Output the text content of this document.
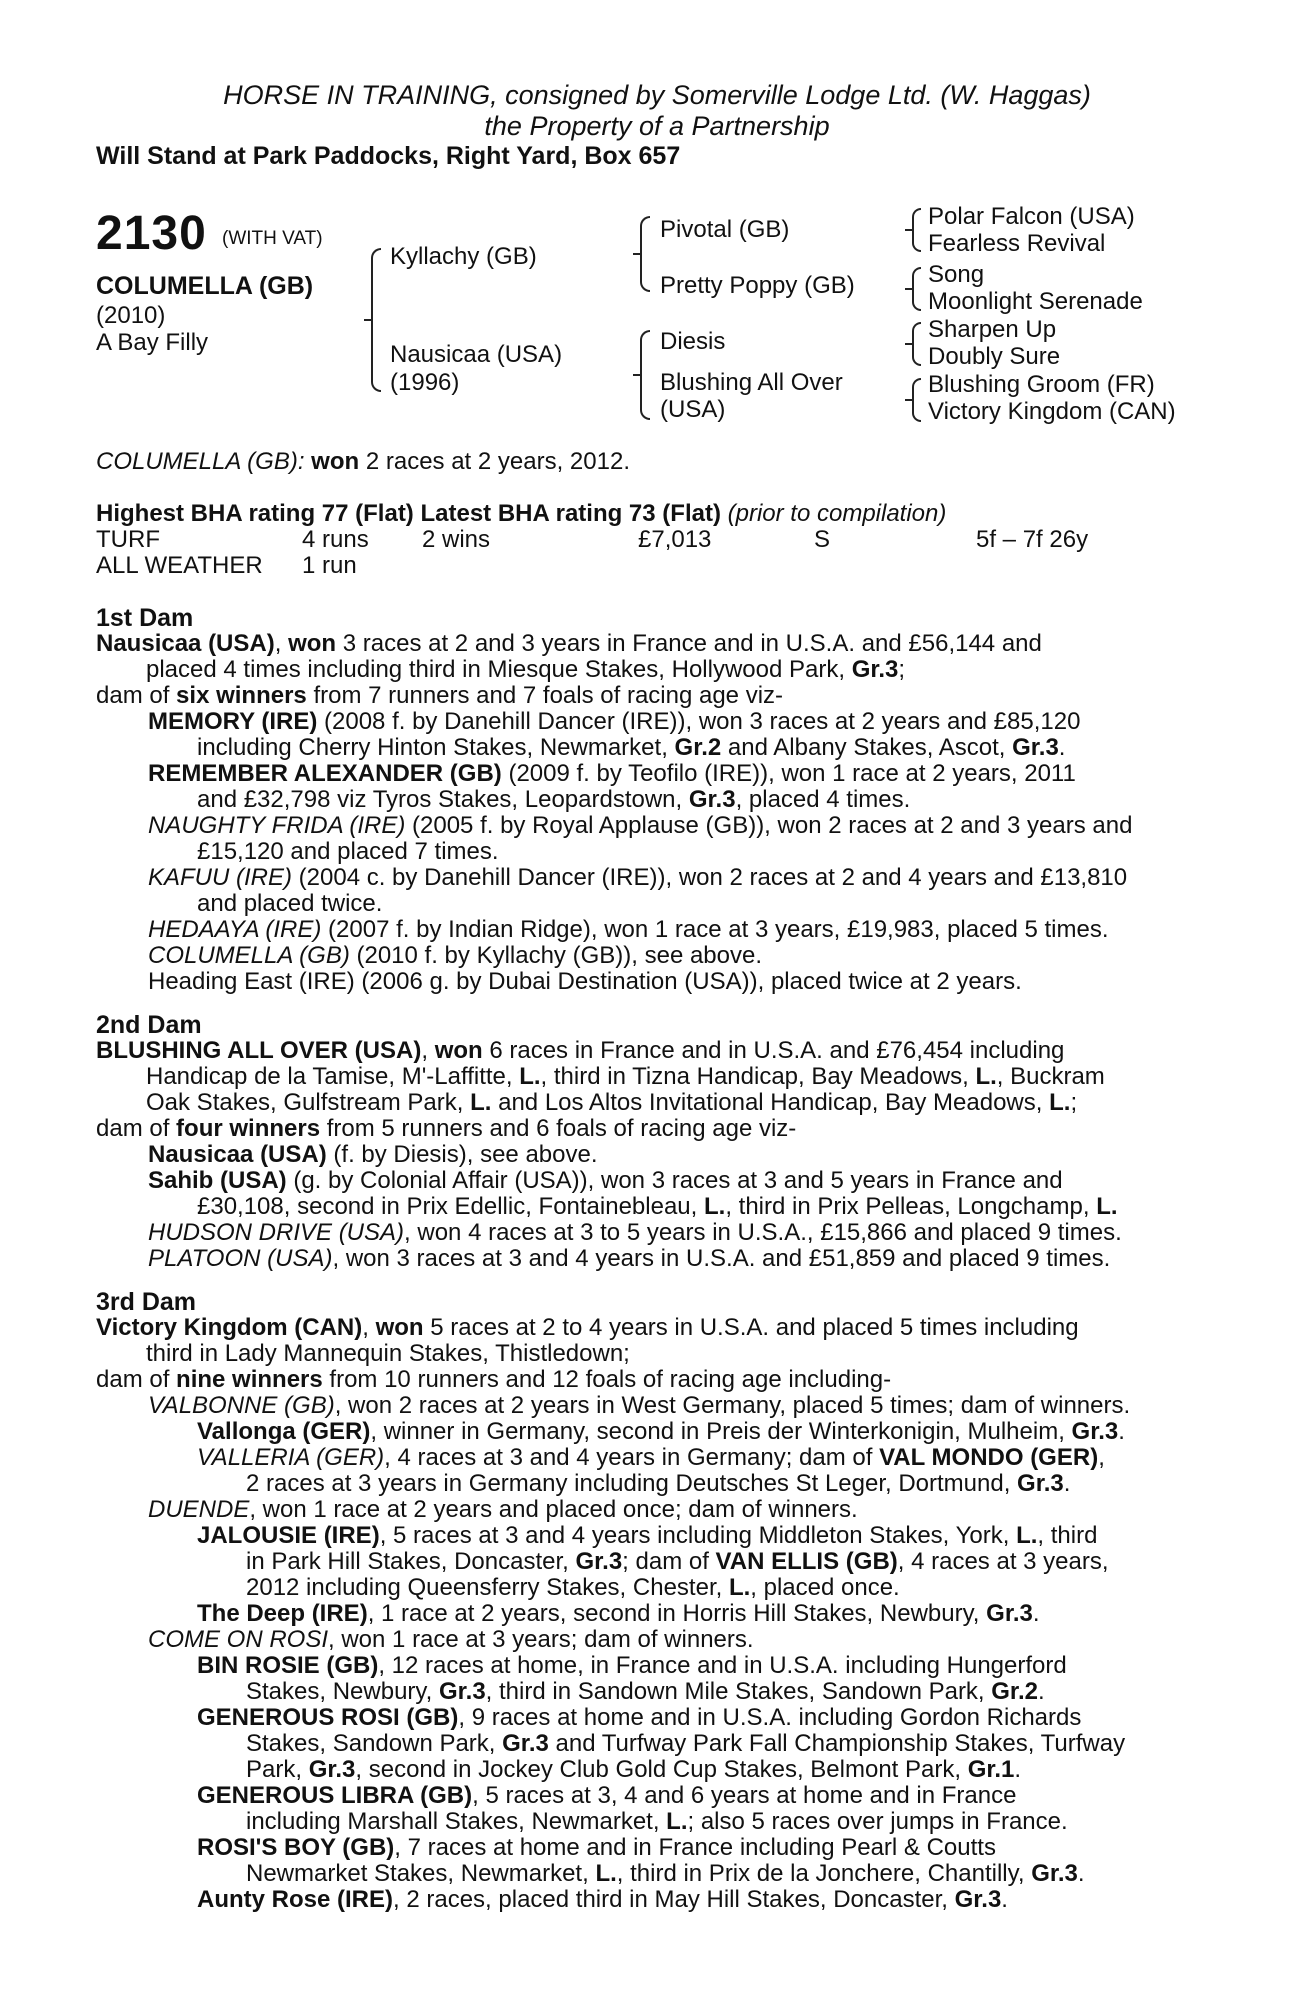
HORSE IN TRAINING, consigned by Somerville Lodge Ltd. (W. Haggas)
the Property of a Partnership
Will Stand at Park Paddocks, Right Yard, Box 657
2130 (WITH VAT)
COLUMELLA (GB)
(2010)
A Bay Filly
Kyllachy (GB)
Nausicaa (USA)
(1996)
Pivotal (GB)
Pretty Poppy (GB)
Diesis
Blushing All Over
(USA)
Polar Falcon (USA)
Fearless Revival
Song
Moonlight Serenade
Sharpen Up
Doubly Sure
Blushing Groom (FR)
Victory Kingdom (CAN)
COLUMELLA (GB): won 2 races at 2 years, 2012.
Highest BHA rating 77 (Flat) Latest BHA rating 73 (Flat) (prior to compilation)
TURF	4 runs 2 wins	£7,013	S	5f – 7f 26y
ALL WEATHER 1 run
1st Dam
Nausicaa (USA), won 3 races at 2 and 3 years in France and in U.S.A. and £56,144 and
placed 4 times including third in Miesque Stakes, Hollywood Park, Gr.3;
dam of six winners from 7 runners and 7 foals of racing age viz-
MEMORY (IRE) (2008 f. by Danehill Dancer (IRE)), won 3 races at 2 years and £85,120
including Cherry Hinton Stakes, Newmarket, Gr.2 and Albany Stakes, Ascot, Gr.3.
REMEMBER ALEXANDER (GB) (2009 f. by Teofilo (IRE)), won 1 race at 2 years, 2011
and £32,798 viz Tyros Stakes, Leopardstown, Gr.3, placed 4 times.
NAUGHTY FRIDA (IRE) (2005 f. by Royal Applause (GB)), won 2 races at 2 and 3 years and
£15,120 and placed 7 times.
KAFUU (IRE) (2004 c. by Danehill Dancer (IRE)), won 2 races at 2 and 4 years and £13,810
and placed twice.
HEDAAYA (IRE) (2007 f. by Indian Ridge), won 1 race at 3 years, £19,983, placed 5 times.
COLUMELLA (GB) (2010 f. by Kyllachy (GB)), see above.
Heading East (IRE) (2006 g. by Dubai Destination (USA)), placed twice at 2 years.
2nd Dam
BLUSHING ALL OVER (USA), won 6 races in France and in U.S.A. and £76,454 including
Handicap de la Tamise, M'-Laffitte, L., third in Tizna Handicap, Bay Meadows, L., Buckram
Oak Stakes, Gulfstream Park, L. and Los Altos Invitational Handicap, Bay Meadows, L.;
dam of four winners from 5 runners and 6 foals of racing age viz-
Nausicaa (USA) (f. by Diesis), see above.
Sahib (USA) (g. by Colonial Affair (USA)), won 3 races at 3 and 5 years in France and
£30,108, second in Prix Edellic, Fontainebleau, L., third in Prix Pelleas, Longchamp, L.
HUDSON DRIVE (USA), won 4 races at 3 to 5 years in U.S.A., £15,866 and placed 9 times.
PLATOON (USA), won 3 races at 3 and 4 years in U.S.A. and £51,859 and placed 9 times.
3rd Dam
Victory Kingdom (CAN), won 5 races at 2 to 4 years in U.S.A. and placed 5 times including
third in Lady Mannequin Stakes, Thistledown;
dam of nine winners from 10 runners and 12 foals of racing age including-
VALBONNE (GB), won 2 races at 2 years in West Germany, placed 5 times; dam of winners.
Vallonga (GER), winner in Germany, second in Preis der Winterkonigin, Mulheim, Gr.3.
VALLERIA (GER), 4 races at 3 and 4 years in Germany; dam of VAL MONDO (GER),
2 races at 3 years in Germany including Deutsches St Leger, Dortmund, Gr.3.
DUENDE, won 1 race at 2 years and placed once; dam of winners.
JALOUSIE (IRE), 5 races at 3 and 4 years including Middleton Stakes, York, L., third
in Park Hill Stakes, Doncaster, Gr.3; dam of VAN ELLIS (GB), 4 races at 3 years,
2012 including Queensferry Stakes, Chester, L., placed once.
The Deep (IRE), 1 race at 2 years, second in Horris Hill Stakes, Newbury, Gr.3.
COME ON ROSI, won 1 race at 3 years; dam of winners.
BIN ROSIE (GB), 12 races at home, in France and in U.S.A. including Hungerford
Stakes, Newbury, Gr.3, third in Sandown Mile Stakes, Sandown Park, Gr.2.
GENEROUS ROSI (GB), 9 races at home and in U.S.A. including Gordon Richards
Stakes, Sandown Park, Gr.3 and Turfway Park Fall Championship Stakes, Turfway
Park, Gr.3, second in Jockey Club Gold Cup Stakes, Belmont Park, Gr.1.
GENEROUS LIBRA (GB), 5 races at 3, 4 and 6 years at home and in France
including Marshall Stakes, Newmarket, L.; also 5 races over jumps in France.
ROSI'S BOY (GB), 7 races at home and in France including Pearl & Coutts
Newmarket Stakes, Newmarket, L., third in Prix de la Jonchere, Chantilly, Gr.3.
Aunty Rose (IRE), 2 races, placed third in May Hill Stakes, Doncaster, Gr.3.
